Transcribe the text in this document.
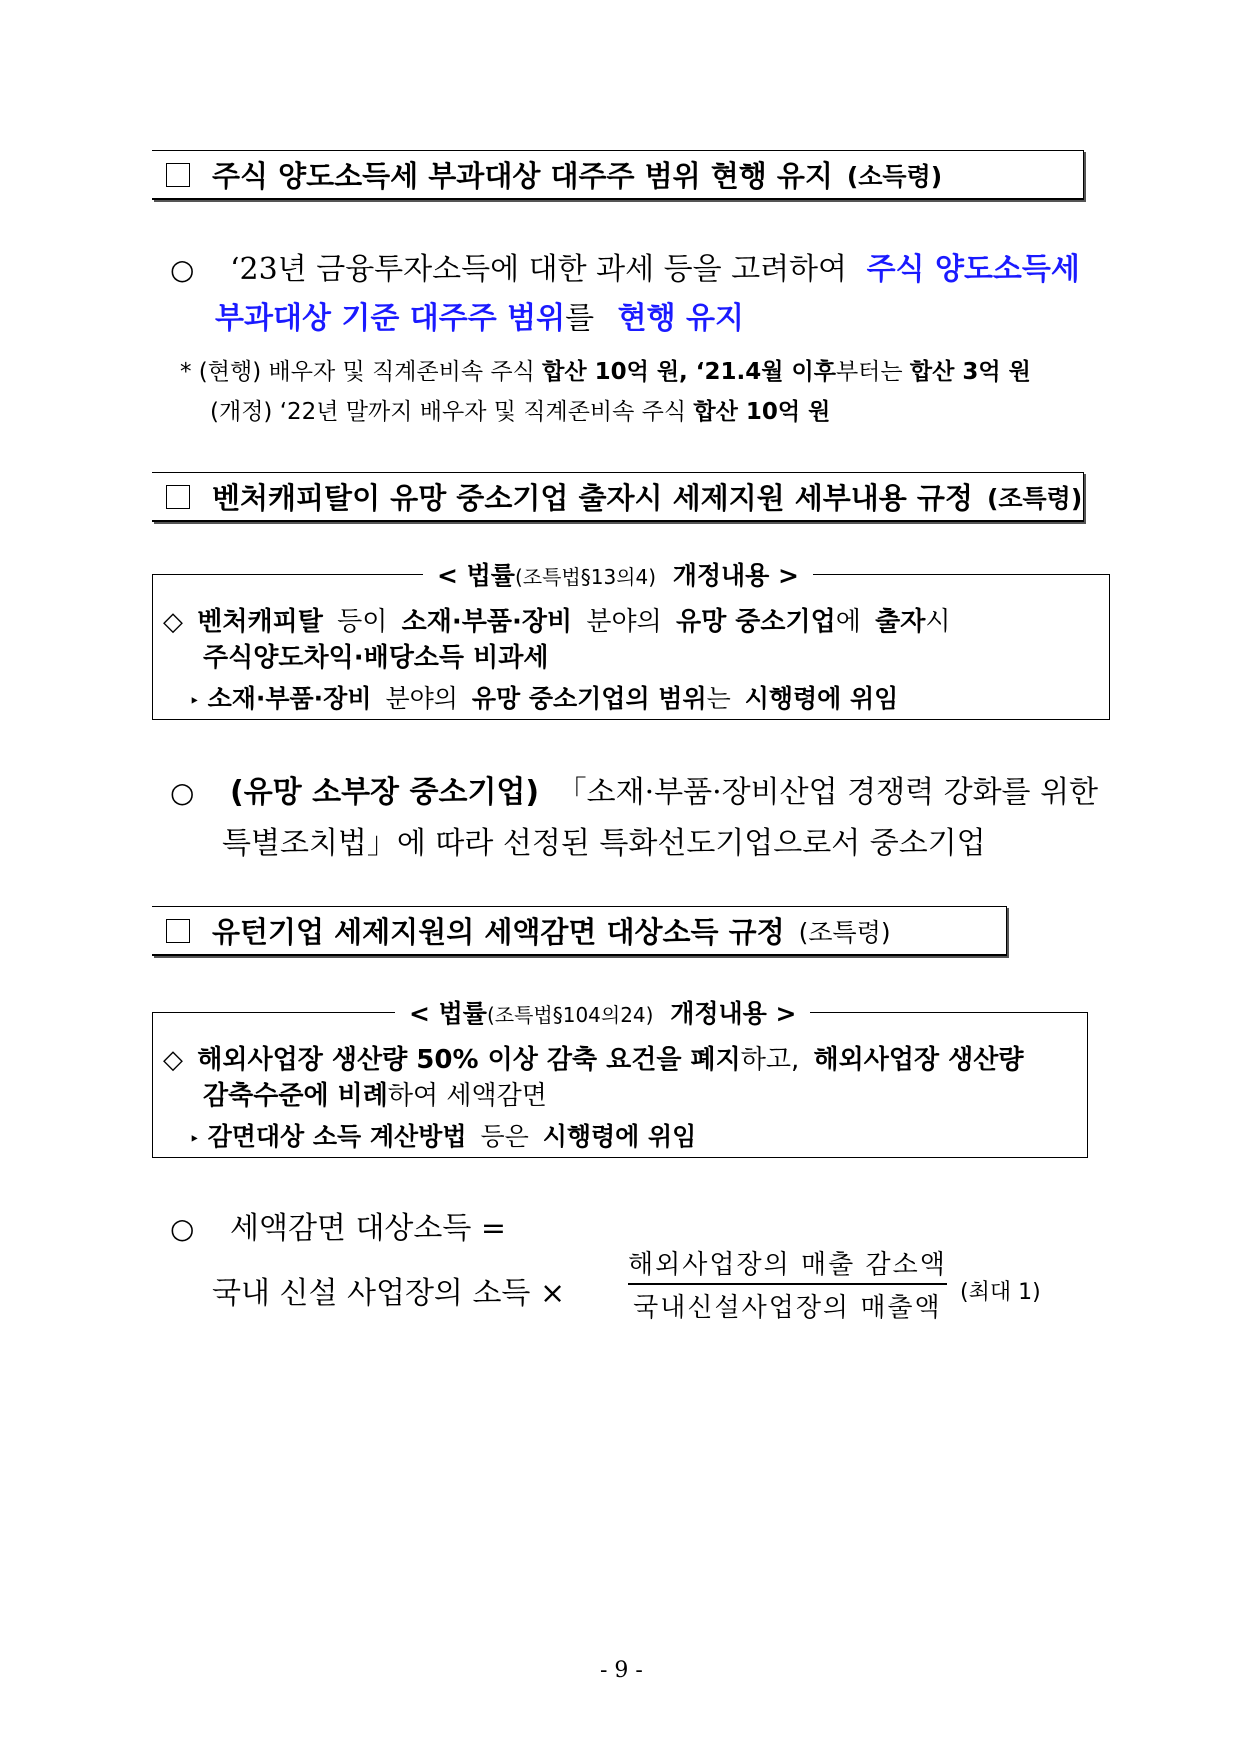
주식 양도소득세 부과대상 대주주 범위 현행 유지 (소득령)
○ ‘23년 금융투자소득에 대한 과세 등을 고려하여 주식 양도소득세
부과대상 기준 대주주 범위를 현행 유지
* (현행) 배우자 및 직계존비속 주식 합산 10억 원, ‘21.4월 이후부터는 합산 3억 원
(개정) ‘22년 말까지 배우자 및 직계존비속 주식 합산 10억 원
벤처캐피탈이 유망 중소기업 출자시 세제지원 세부내용 규정 (조특령)
< 법률(조특법§13의4) 개정내용 >
◇ 벤처캐피탈 등이 소재·부품·장비 분야의 유망 중소기업에 출자시
주식양도차익·배당소득 비과세
‣ 소재·부품·장비 분야의 유망 중소기업의 범위는 시행령에 위임
○ (유망 소부장 중소기업) 「소재·부품·장비산업 경쟁력 강화를 위한
특별조치법」에 따라 선정된 특화선도기업으로서 중소기업
유턴기업 세제지원의 세액감면 대상소득 규정 (조특령)
< 법률(조특법§104의24) 개정내용 >
◇ 해외사업장 생산량 50% 이상 감축 요건을 폐지하고, 해외사업장 생산량
감축수준에 비례하여 세액감면
‣ 감면대상 소득 계산방법 등은 시행령에 위임
○ 세액감면 대상소득 =
국내 신설 사업장의 소득 ×
해외사업장의 매출 감소액
국내신설사업장의 매출액 (최대 1)
- 9 -
